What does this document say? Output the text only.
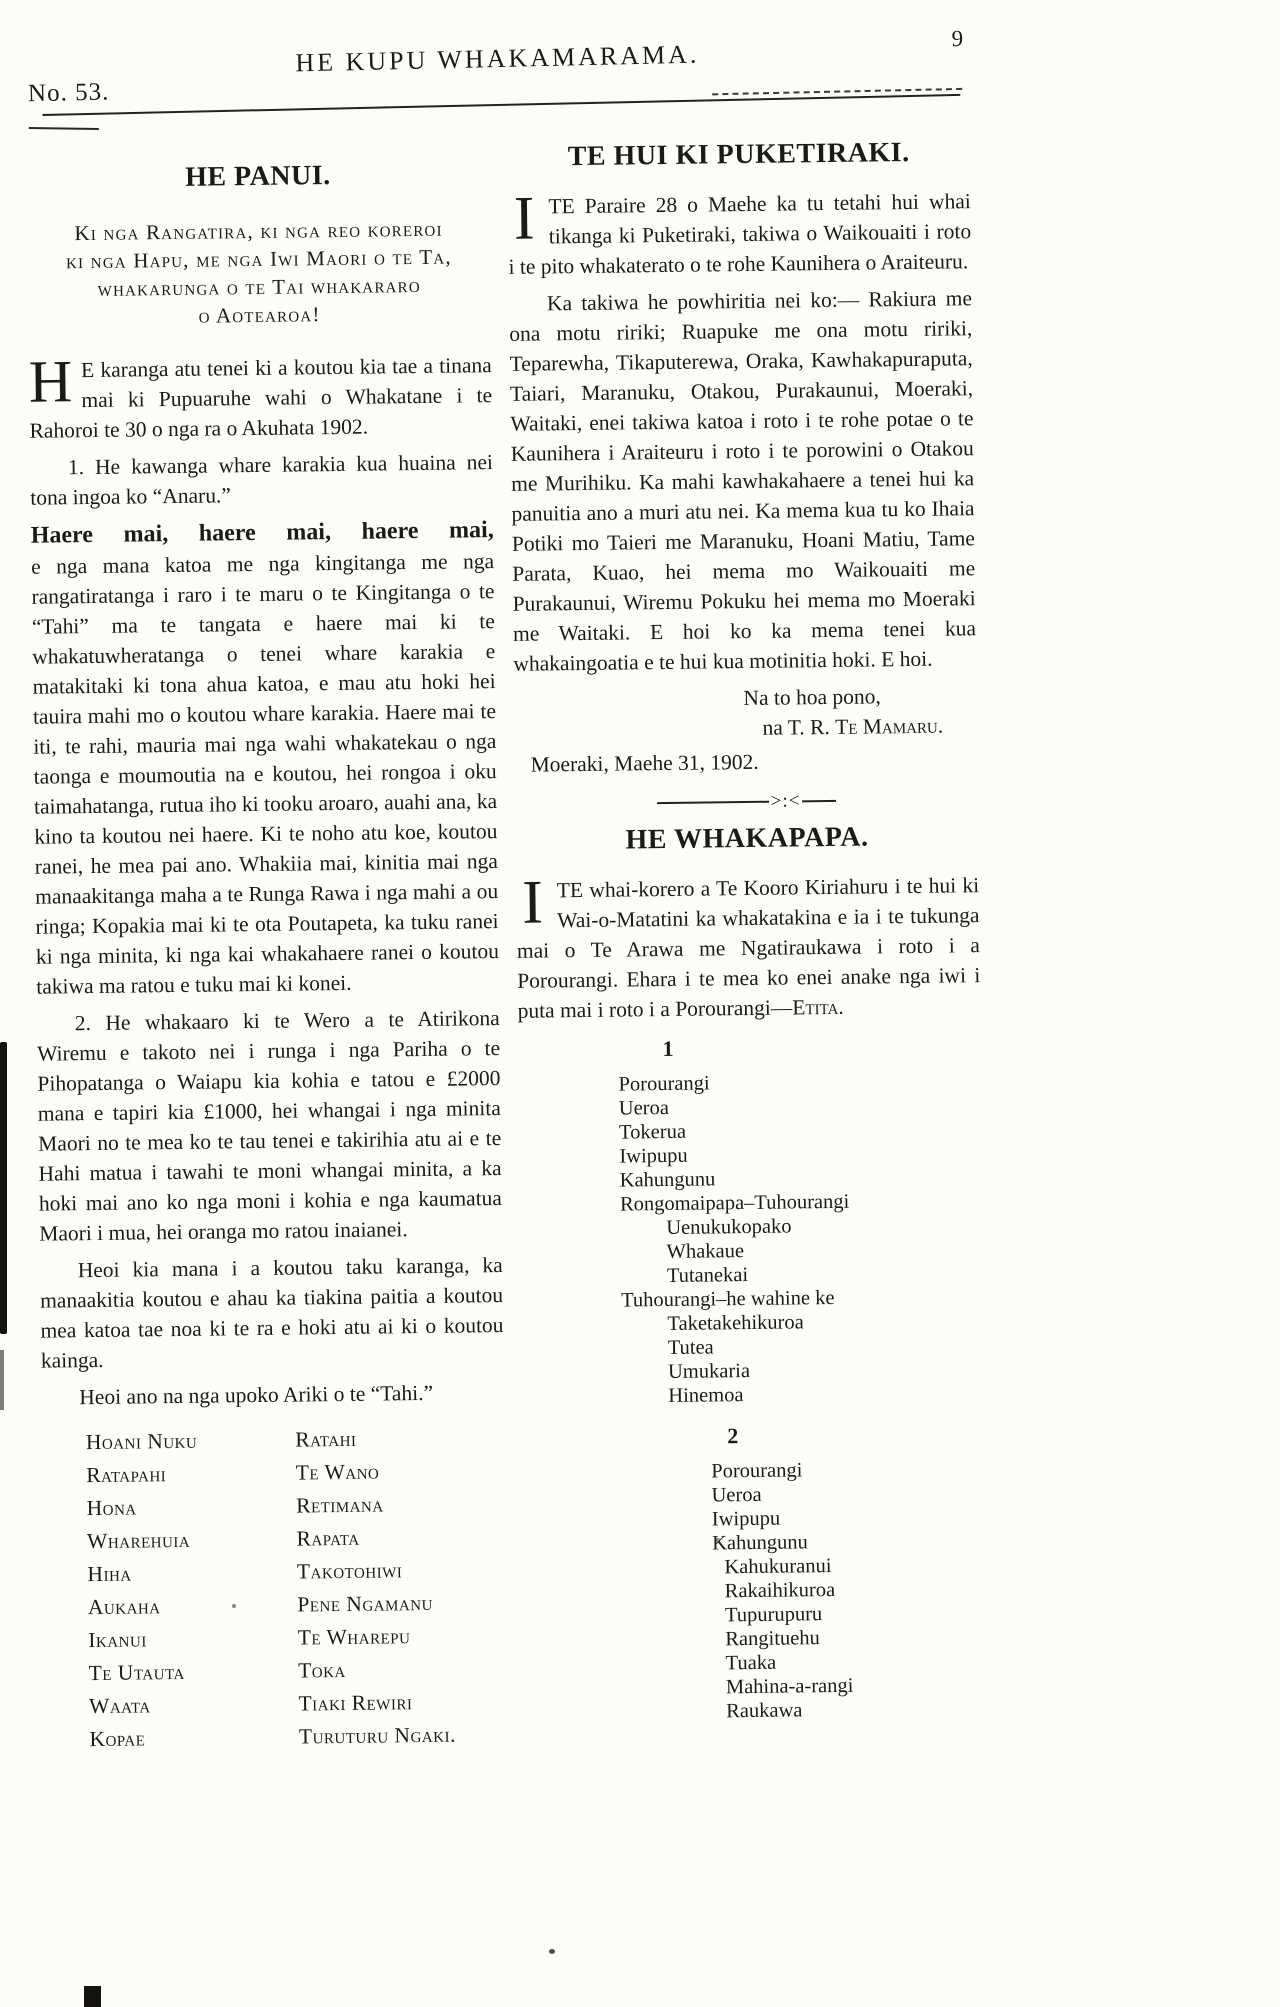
No. 53.
HE KUPU WHAKAMARAMA.
9
HE PANUI.
Ki nga Rangatira, ki nga reo koreroi
ki nga Hapu, me nga Iwi Maori o te Ta,
whakarunga o te Tai whakararo
o Aotearoa!

H E karanga atu tenei ki a koutou kia tae a tinana mai ki Pupuaruhe wahi o Whakatane i te Rahoroi te 30 o nga ra o Akuhata 1902.

1. He kawanga whare karakia kua huaina nei tona ingoa ko “Anaru.”

Haere mai, haere mai, haere mai,
e nga mana katoa me nga kingitanga me nga rangatiratanga i raro i te maru o te Kingitanga o te “Tahi” ma te tangata e haere mai ki te whakatuwheratanga o tenei whare karakia e matakitaki ki tona ahua katoa, e mau atu hoki hei tauira mahi mo o koutou whare karakia. Haere mai te iti, te rahi, mauria mai nga wahi whakatekau o nga taonga e moumoutia na e koutou, hei rongoa i oku taimahatanga, rutua iho ki tooku aroaro, auahi ana, ka kino ta koutou nei haere. Ki te noho atu koe, koutou ranei, he mea pai ano. Whakiia mai, kinitia mai nga manaakitanga maha a te Runga Rawa i nga mahi a ou ringa; Kopakia mai ki te ota Poutapeta, ka tuku ranei ki nga minita, ki nga kai whakahaere ranei o koutou takiwa ma ratou e tuku mai ki konei.

2. He whakaaro ki te Wero a te Atirikona Wiremu e takoto nei i runga i nga Pariha o te Pihopatanga o Waiapu kia kohia e tatou e £2000 mana e tapiri kia £1000, hei whangai i nga minita Maori no te mea ko te tau tenei e takirihia atu ai e te Hahi matua i tawahi te moni whangai minita, a ka hoki mai ano ko nga moni i kohia e nga kaumatua Maori i mua, hei oranga mo ratou inaianei.

Heoi kia mana i a koutou taku karanga, ka manaakitia koutou e ahau ka tiakina paitia a koutou mea katoa tae noa ki te ra e hoki atu ai ki o koutou kainga.

Heoi ano na nga upoko Ariki o te “Tahi.”

Hoani Nuku
Ratapahi
Hona
Wharehuia
Hiha
Aukaha
Ikanui
Te Utauta
Waata
Kopae
Ratahi
Te Wano
Retimana
Rapata
Takotohiwi
Pene Ngamanu
Te Wharepu
Toka
Tiaki Rewiri
Turuturu Ngaki.
TE HUI KI PUKETIRAKI.

ITE Paraire 28 o Maehe ka tu tetahi hui whai tikanga ki Puketiraki, takiwa o Waikouaiti i roto i te pito whakaterato o te rohe Kaunihera o Araiteuru.

Ka takiwa he powhiritia nei ko:— Rakiura me ona motu ririki; Ruapuke me ona motu ririki, Teparewha, Tikaputerewa, Oraka, Kawhakapuraputa, Taiari, Maranuku, Otakou, Purakaunui, Moeraki, Waitaki, enei takiwa katoa i roto i te rohe potae o te Kaunihera i Araiteuru i roto i te porowini o Otakou me Murihiku. Ka mahi kawhakahaere a tenei hui ka panuitia ano a muri atu nei. Ka mema kua tu ko Ihaia Potiki mo Taieri me Maranuku, Hoani Matiu, Tame Parata, Kuao, hei mema mo Waikouaiti me Purakaunui, Wiremu Pokuku hei mema mo Moeraki me Waitaki. E hoi ko ka mema tenei kua whakaingoatia e te hui kua motinitia hoki. E hoi.

Na to hoa pono,

na T. R. Te Mamaru.

Moeraki, Maehe 31, 1902.

>:<
HE WHAKAPAPA.

ITE whai-korero a Te Kooro Kiriahuru i te hui ki Wai-o-Matatini ka whakatakina e ia i te tukunga mai o Te Arawa me Ngatiraukawa i roto i a Porourangi. Ehara i te mea ko enei anake nga iwi i puta mai i roto i a Porourangi—Etita.

1
Porourangi
Ueroa
Tokerua
Iwipupu
Kahungunu
Rongomaipapa–Tuhourangi
Uenukukopako
Whakaue
Tutanekai
Tuhourangi–he wahine ke
Taketakehikuroa
Tutea
Umukaria
Hinemoa
2
Porourangi
Ueroa
Iwipupu
Kahungunu
Kahukuranui
Rakaihikuroa
Tupurupuru
Rangituehu
Tuaka
Mahina-a-rangi
Raukawa
